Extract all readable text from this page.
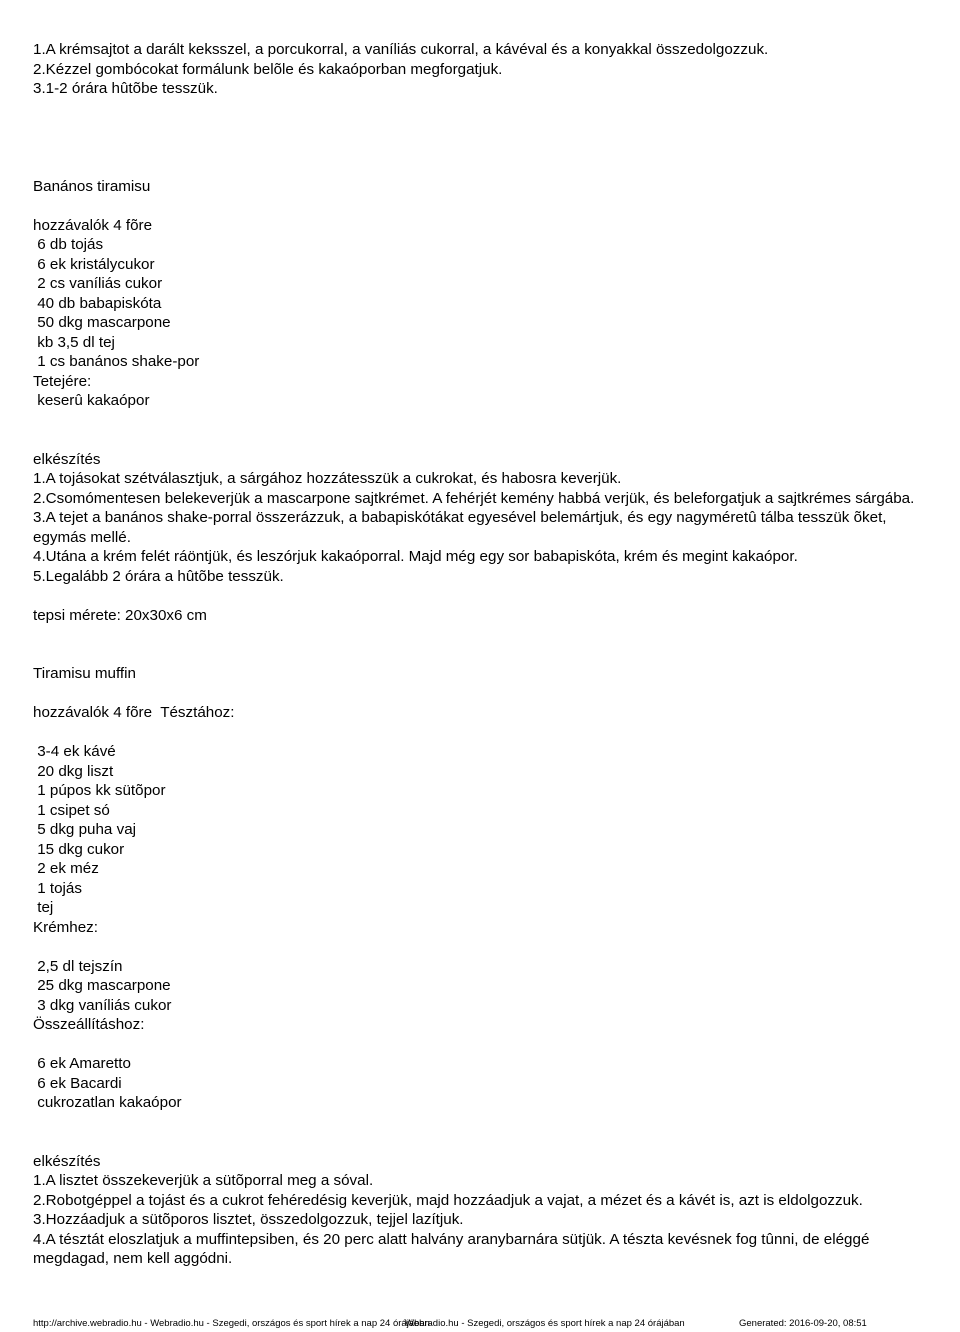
1.A krémsajtot a darált keksszel, a porcukorral, a vaníliás cukorral, a kávéval és a konyakkal összedolgozzuk.

2.Kézzel gombócokat formálunk belõle és kakaóporban megforgatjuk.

3.1-2 órára hûtõbe tesszük.

Banános tiramisu

hozzávalók 4 fõre

6 db tojás

6 ek kristálycukor

2 cs vaníliás cukor

40 db babapiskóta

50 dkg mascarpone

kb 3,5 dl tej

1 cs banános shake-por

Tetejére:

keserû kakaópor

elkészítés

1.A tojásokat szétválasztjuk, a sárgához hozzátesszük a cukrokat, és habosra keverjük.

2.Csomómentesen belekeverjük a mascarpone sajtkrémet. A fehérjét kemény habbá verjük, és beleforgatjuk a sajtkrémes sárgába.

3.A tejet a banános shake-porral összerázzuk, a babapiskótákat egyesével belemártjuk, és egy nagyméretû tálba tesszük õket, egymás mellé.

4.Utána a krém felét ráöntjük, és leszórjuk kakaóporral. Majd még egy sor babapiskóta, krém és megint kakaópor.

5.Legalább 2 órára a hûtõbe tesszük.

tepsi mérete: 20x30x6 cm

Tiramisu muffin

hozzávalók 4 fõre  Tésztához:

3-4 ek kávé

20 dkg liszt

1 púpos kk sütõpor

1 csipet só

5 dkg puha vaj

15 dkg cukor

2 ek méz

1 tojás

tej

Krémhez:

2,5 dl tejszín

25 dkg mascarpone

3 dkg vaníliás cukor

Összeállításhoz:

6 ek Amaretto

6 ek Bacardi

cukrozatlan kakaópor

elkészítés

1.A lisztet összekeverjük a sütõporral meg a sóval.

2.Robotgéppel a tojást és a cukrot fehéredésig keverjük, majd hozzáadjuk a vajat, a mézet és a kávét is, azt is eldolgozzuk.

3.Hozzáadjuk a sütõporos lisztet, összedolgozzuk, tejjel lazítjuk.

4.A tésztát eloszlatjuk a muffintepsiben, és 20 perc alatt halvány aranybarnára sütjük. A tészta kevésnek fog tûnni, de eléggé megdagad, nem kell aggódni.

http://archive.webradio.hu - Webradio.hu - Szegedi, országos és sport hírek a nap 24 órájában
Webradio.hu - Szegedi, országos és sport hírek a nap 24 órájában	Generated: 2016-09-20, 08:51
